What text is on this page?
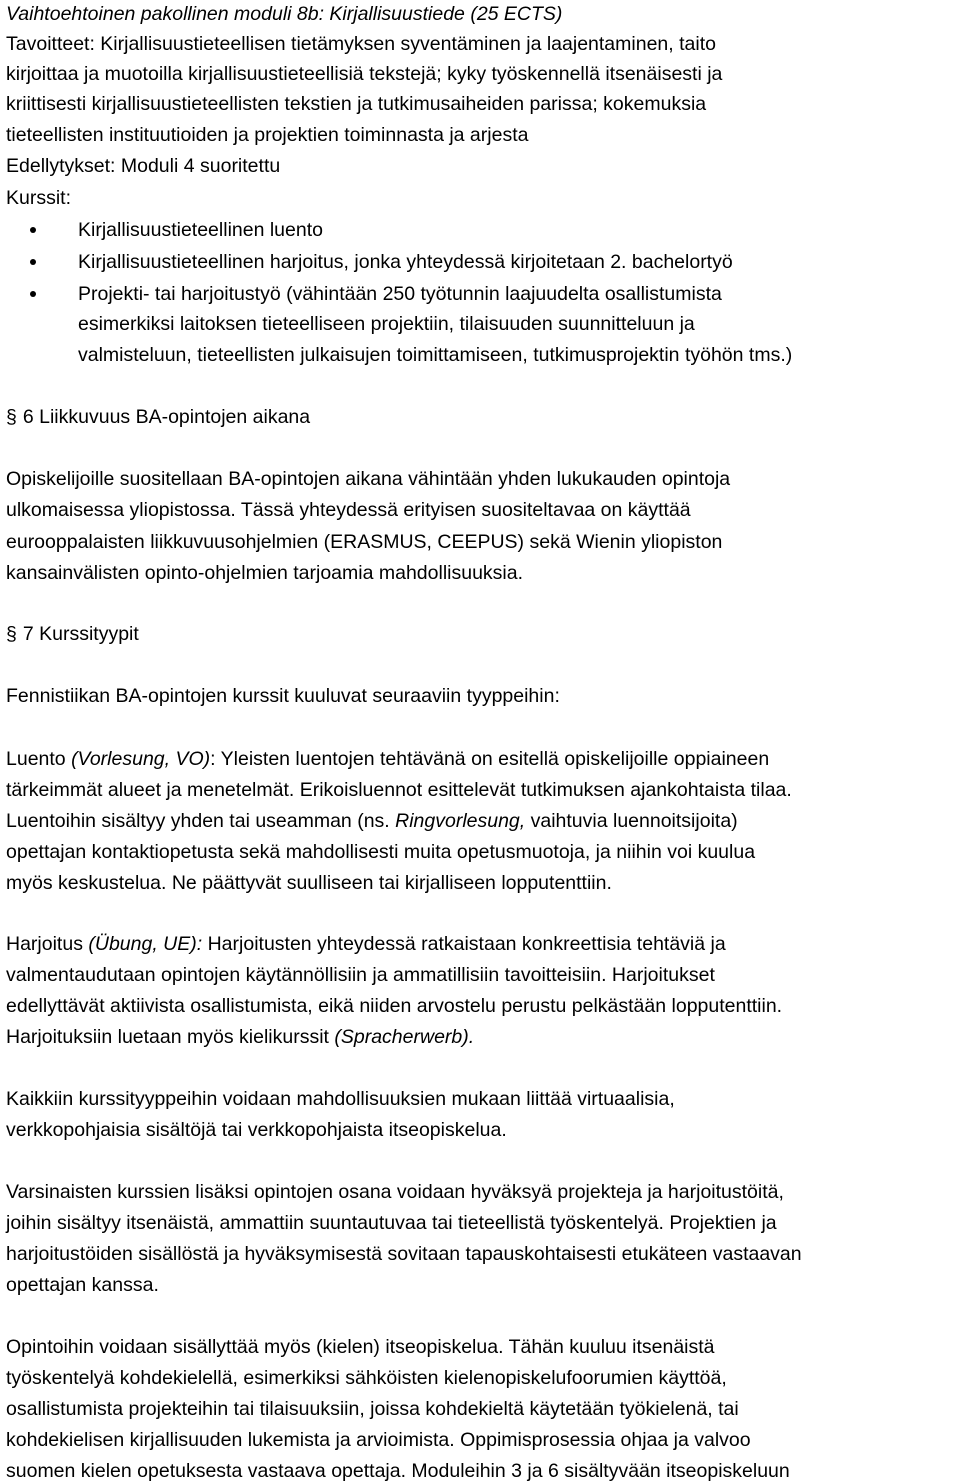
Vaihtoehtoinen pakollinen moduli 8b: Kirjallisuustiede (25 ECTS)
Tavoitteet: Kirjallisuustieteellisen tietämyksen syventäminen ja laajentaminen, taito
kirjoittaa ja muotoilla kirjallisuustieteellisiä tekstejä; kyky työskennellä itsenäisesti ja
kriittisesti kirjallisuustieteellisten tekstien ja tutkimusaiheiden parissa; kokemuksia
tieteellisten instituutioiden ja projektien toiminnasta ja arjesta
Edellytykset: Moduli 4 suoritettu
Kurssit:
Kirjallisuustieteellinen luento
Kirjallisuustieteellinen harjoitus, jonka yhteydessä kirjoitetaan 2. bachelortyö
Projekti- tai harjoitustyö (vähintään 250 työtunnin laajuudelta osallistumista
esimerkiksi laitoksen tieteelliseen projektiin, tilaisuuden suunnitteluun ja
valmisteluun, tieteellisten julkaisujen toimittamiseen, tutkimusprojektin työhön tms.)
§ 6 Liikkuvuus BA-opintojen aikana
Opiskelijoille suositellaan BA-opintojen aikana vähintään yhden lukukauden opintoja
ulkomaisessa yliopistossa. Tässä yhteydessä erityisen suositeltavaa on käyttää
eurooppalaisten liikkuvuusohjelmien (ERASMUS, CEEPUS) sekä Wienin yliopiston
kansainvälisten opinto-ohjelmien tarjoamia mahdollisuuksia.
§ 7 Kurssityypit
Fennistiikan BA-opintojen kurssit kuuluvat seuraaviin tyyppeihin:
Luento (Vorlesung, VO): Yleisten luentojen tehtävänä on esitellä opiskelijoille oppiaineen
tärkeimmät alueet ja menetelmät. Erikoisluennot esittelevät tutkimuksen ajankohtaista tilaa.
Luentoihin sisältyy yhden tai useamman (ns. Ringvorlesung, vaihtuvia luennoitsijoita)
opettajan kontaktiopetusta sekä mahdollisesti muita opetusmuotoja, ja niihin voi kuulua
myös keskustelua. Ne päättyvät suulliseen tai kirjalliseen lopputenttiin.
Harjoitus (Übung, UE): Harjoitusten yhteydessä ratkaistaan konkreettisia tehtäviä ja
valmentaudutaan opintojen käytännöllisiin ja ammatillisiin tavoitteisiin. Harjoitukset
edellyttävät aktiivista osallistumista, eikä niiden arvostelu perustu pelkästään lopputenttiin.
Harjoituksiin luetaan myös kielikurssit (Spracherwerb).
Kaikkiin kurssityyppeihin voidaan mahdollisuuksien mukaan liittää virtuaalisia,
verkkopohjaisia sisältöjä tai verkkopohjaista itseopiskelua.
Varsinaisten kurssien lisäksi opintojen osana voidaan hyväksyä projekteja ja harjoitustöitä,
joihin sisältyy itsenäistä, ammattiin suuntautuvaa tai tieteellistä työskentelyä. Projektien ja
harjoitustöiden sisällöstä ja hyväksymisestä sovitaan tapauskohtaisesti etukäteen vastaavan
opettajan kanssa.
Opintoihin voidaan sisällyttää myös (kielen) itseopiskelua. Tähän kuuluu itsenäistä
työskentelyä kohdekielellä, esimerkiksi sähköisten kielenopiskelufoorumien käyttöä,
osallistumista projekteihin tai tilaisuuksiin, joissa kohdekieltä käytetään työkielenä, tai
kohdekielisen kirjallisuuden lukemista ja arvioimista. Oppimisprosessia ohjaa ja valvoo
suomen kielen opetuksesta vastaava opettaja. Moduleihin 3 ja 6 sisältyvään itseopiskeluun
